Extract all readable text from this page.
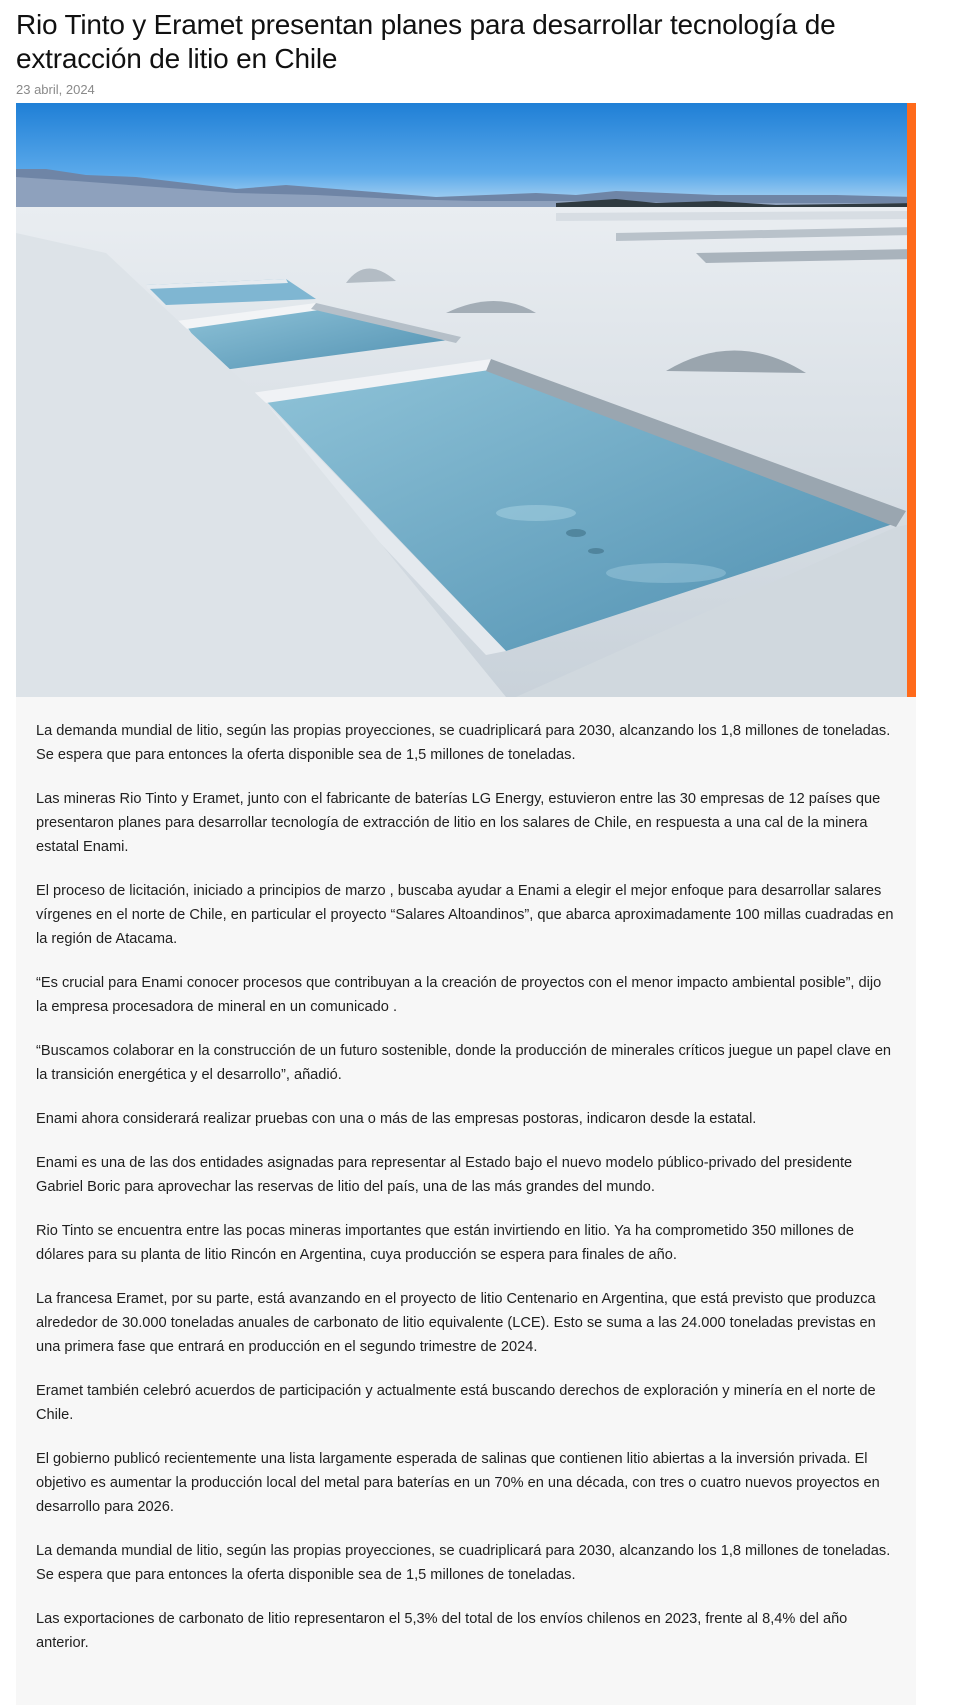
Rio Tinto y Eramet presentan planes para desarrollar tecnología de extracción de litio en Chile
23 abril, 2024

La demanda mundial de litio, según las propias proyecciones, se cuadriplicará para 2030, alcanzando los 1,8 millones de toneladas. Se espera que para entonces la oferta disponible sea de 1,5 millones de toneladas.

Las mineras Rio Tinto y Eramet, junto con el fabricante de baterías LG Energy, estuvieron entre las 30 empresas de 12 países que presentaron planes para desarrollar tecnología de extracción de litio en los salares de Chile, en respuesta a una cal de la minera estatal Enami.

El proceso de licitación, iniciado a principios de marzo , buscaba ayudar a Enami a elegir el mejor enfoque para desarrollar salares vírgenes en el norte de Chile, en particular el proyecto “Salares Altoandinos”, que abarca aproximadamente 100 millas cuadradas en la región de Atacama.

“Es crucial para Enami conocer procesos que contribuyan a la creación de proyectos con el menor impacto ambiental posible”, dijo la empresa procesadora de mineral en un comunicado .

“Buscamos colaborar en la construcción de un futuro sostenible, donde la producción de minerales críticos juegue un papel clave en la transición energética y el desarrollo”, añadió.

Enami ahora considerará realizar pruebas con una o más de las empresas postoras, indicaron desde la estatal.

Enami es una de las dos entidades asignadas para representar al Estado bajo el nuevo modelo público-privado del presidente Gabriel Boric para aprovechar las reservas de litio del país, una de las más grandes del mundo.

Rio Tinto se encuentra entre las pocas mineras importantes que están invirtiendo en litio. Ya ha comprometido 350 millones de dólares para su planta de litio Rincón en Argentina, cuya producción se espera para finales de año.

La francesa Eramet, por su parte, está avanzando en el proyecto de litio Centenario en Argentina, que está previsto que produzca alrededor de 30.000 toneladas anuales de carbonato de litio equivalente (LCE). Esto se suma a las 24.000 toneladas previstas en una primera fase que entrará en producción en el segundo trimestre de 2024.

Eramet también celebró acuerdos de participación y actualmente está buscando derechos de exploración y minería en el norte de Chile.

El gobierno publicó recientemente una lista largamente esperada de salinas que contienen litio abiertas a la inversión privada. El objetivo es aumentar la producción local del metal para baterías en un 70% en una década, con tres o cuatro nuevos proyectos en desarrollo para 2026.

La demanda mundial de litio, según las propias proyecciones, se cuadriplicará para 2030, alcanzando los 1,8 millones de toneladas. Se espera que para entonces la oferta disponible sea de 1,5 millones de toneladas.

Las exportaciones de carbonato de litio representaron el 5,3% del total de los envíos chilenos en 2023, frente al 8,4% del año anterior.
